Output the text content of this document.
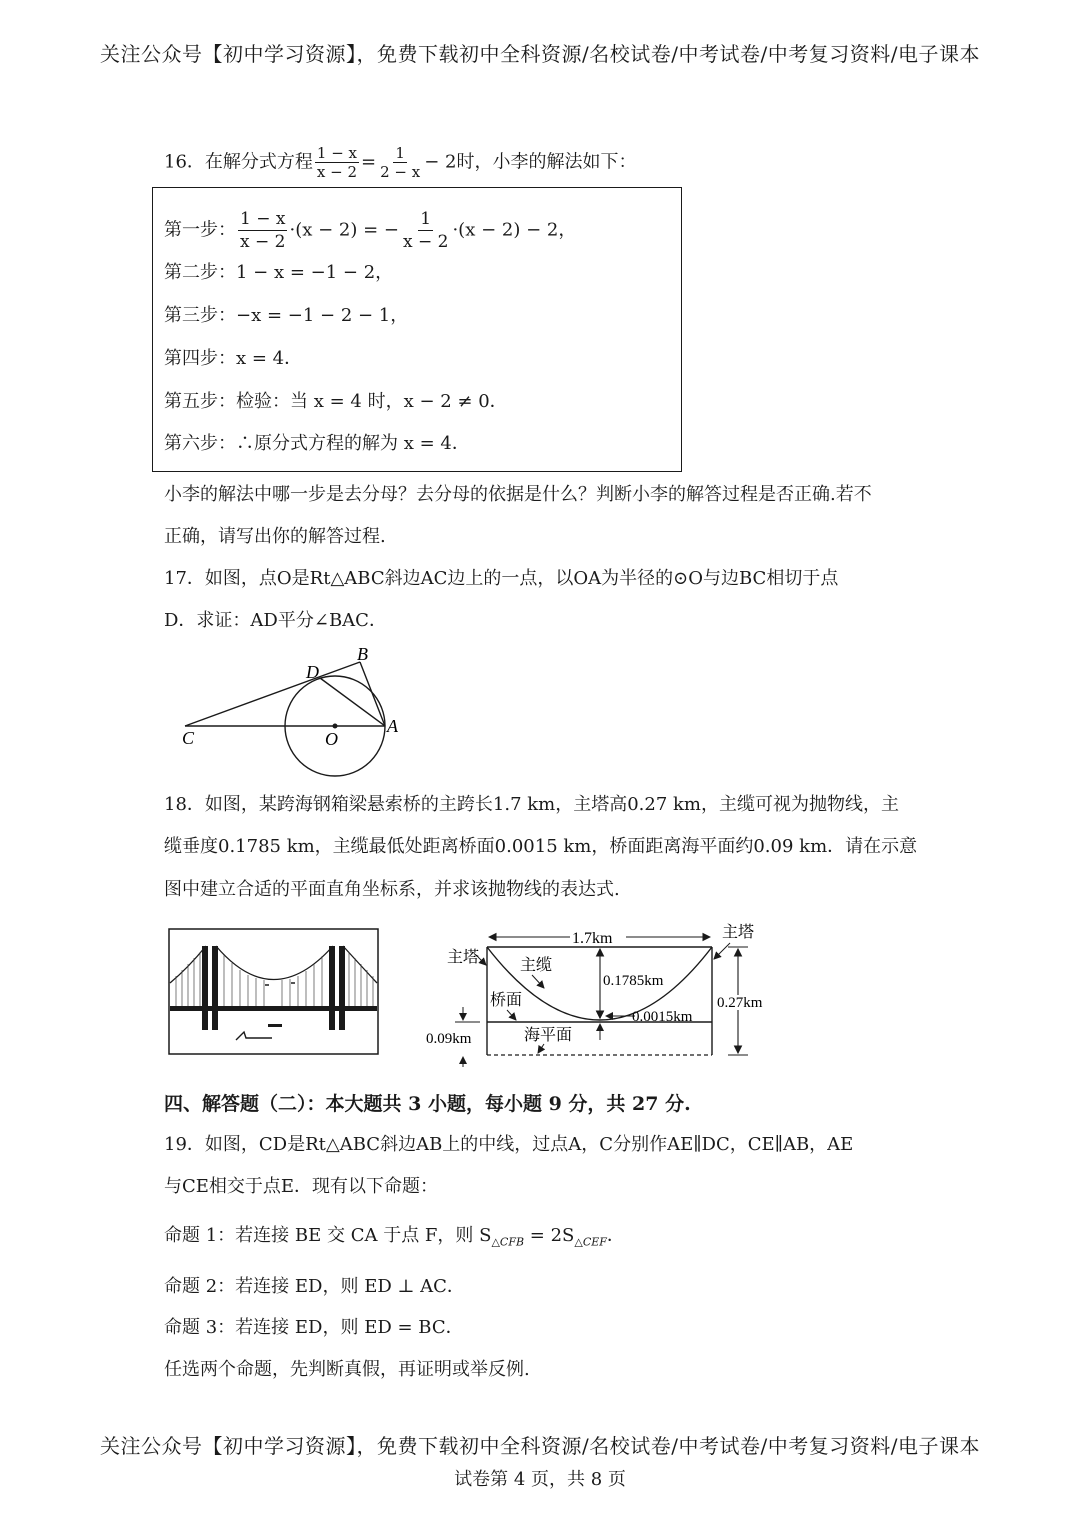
关注公众号【初中学习资源】，免费下载初中全科资源/名校试卷/中考试卷/中考复习资料/电子课本
16．在解分式方程 $\frac{1 - x}{x - 2} = \frac{1}{2 - x} - 2$时，小李的解法如下：
第一步： $\frac{1 - x}{x - 2} \cdot(x - 2)$ = − $\frac{1}{x - 2} \cdot(x - 2) - 2$，
第二步：1 − x = −1 − 2，
第三步：−x = −1 − 2 − 1，
第四步：x = 4．
第五步：检验：当 x = 4 时，x − 2 ≠ 0．
第六步：∴原分式方程的解为 x = 4．
小李的解法中哪一步是去分母？去分母的依据是什么？判断小李的解答过程是否正确.若不
正确，请写出你的解答过程.
17．如图，点O是Rt△ABC斜边AC边上的一点，以OA为半径的⊙O与边BC相切于点
D．求证：AD平分∠BAC．
B
D
C	O
A
18．如图，某跨海钢箱梁悬索桥的主跨长1.7 km，主塔高0.27 km，主缆可视为抛物线，主
缆垂度0.1785 km，主缆最低处距离桥面0.0015 km，桥面距离海平面约0.09 km．请在示意
图中建立合适的平面直角坐标系，并求该抛物线的表达式.
1.7km
0.1785km
0.0015km
0.27km
0.09km
主塔
主塔
主缆
桥面
海平面
四、解答题（二）：本大题共 3 小题，每小题 9 分，共 27 分.
19．如图，CD是Rt△ABC斜边AB上的中线，过点A，C分别作AE∥DC，CE∥AB，AE
与CE相交于点E．现有以下命题：
命题 1：若连接 BE 交 CA 于点 F，则 $S_{\triangle CFB} = 2S_{\triangle CEF}$．
命题 2：若连接 ED，则 ED ⊥ AC．
命题 3：若连接 ED，则 ED = BC．
任选两个命题，先判断真假，再证明或举反例.
关注公众号【初中学习资源】，免费下载初中全科资源/名校试卷/中考试卷/中考复习资料/电子课本
试卷第 4 页，共 8 页
